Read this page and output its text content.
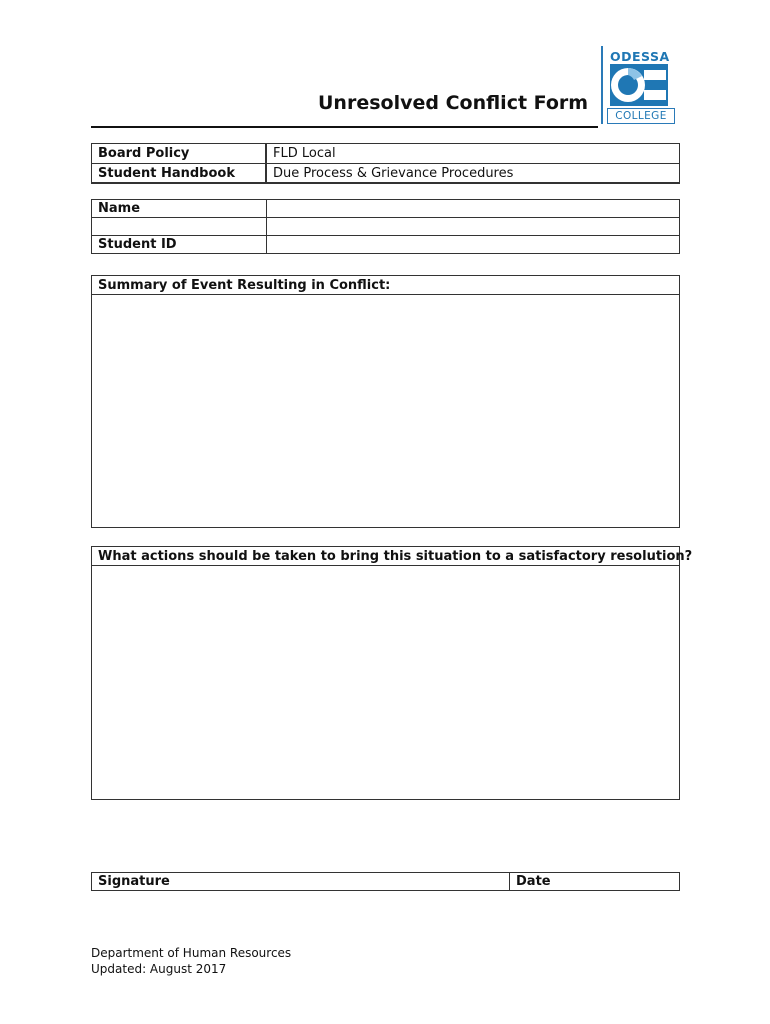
ODESSA
COLLEGE
Unresolved Conflict Form
Board Policy	FLD Local
Student Handbook	Due Process & Grievance Procedures
Name	

Student ID	
Summary of Event Resulting in Conflict:
What actions should be taken to bring this situation to a satisfactory resolution?
Signature	Date
Department of Human Resources
Updated: August 2017
